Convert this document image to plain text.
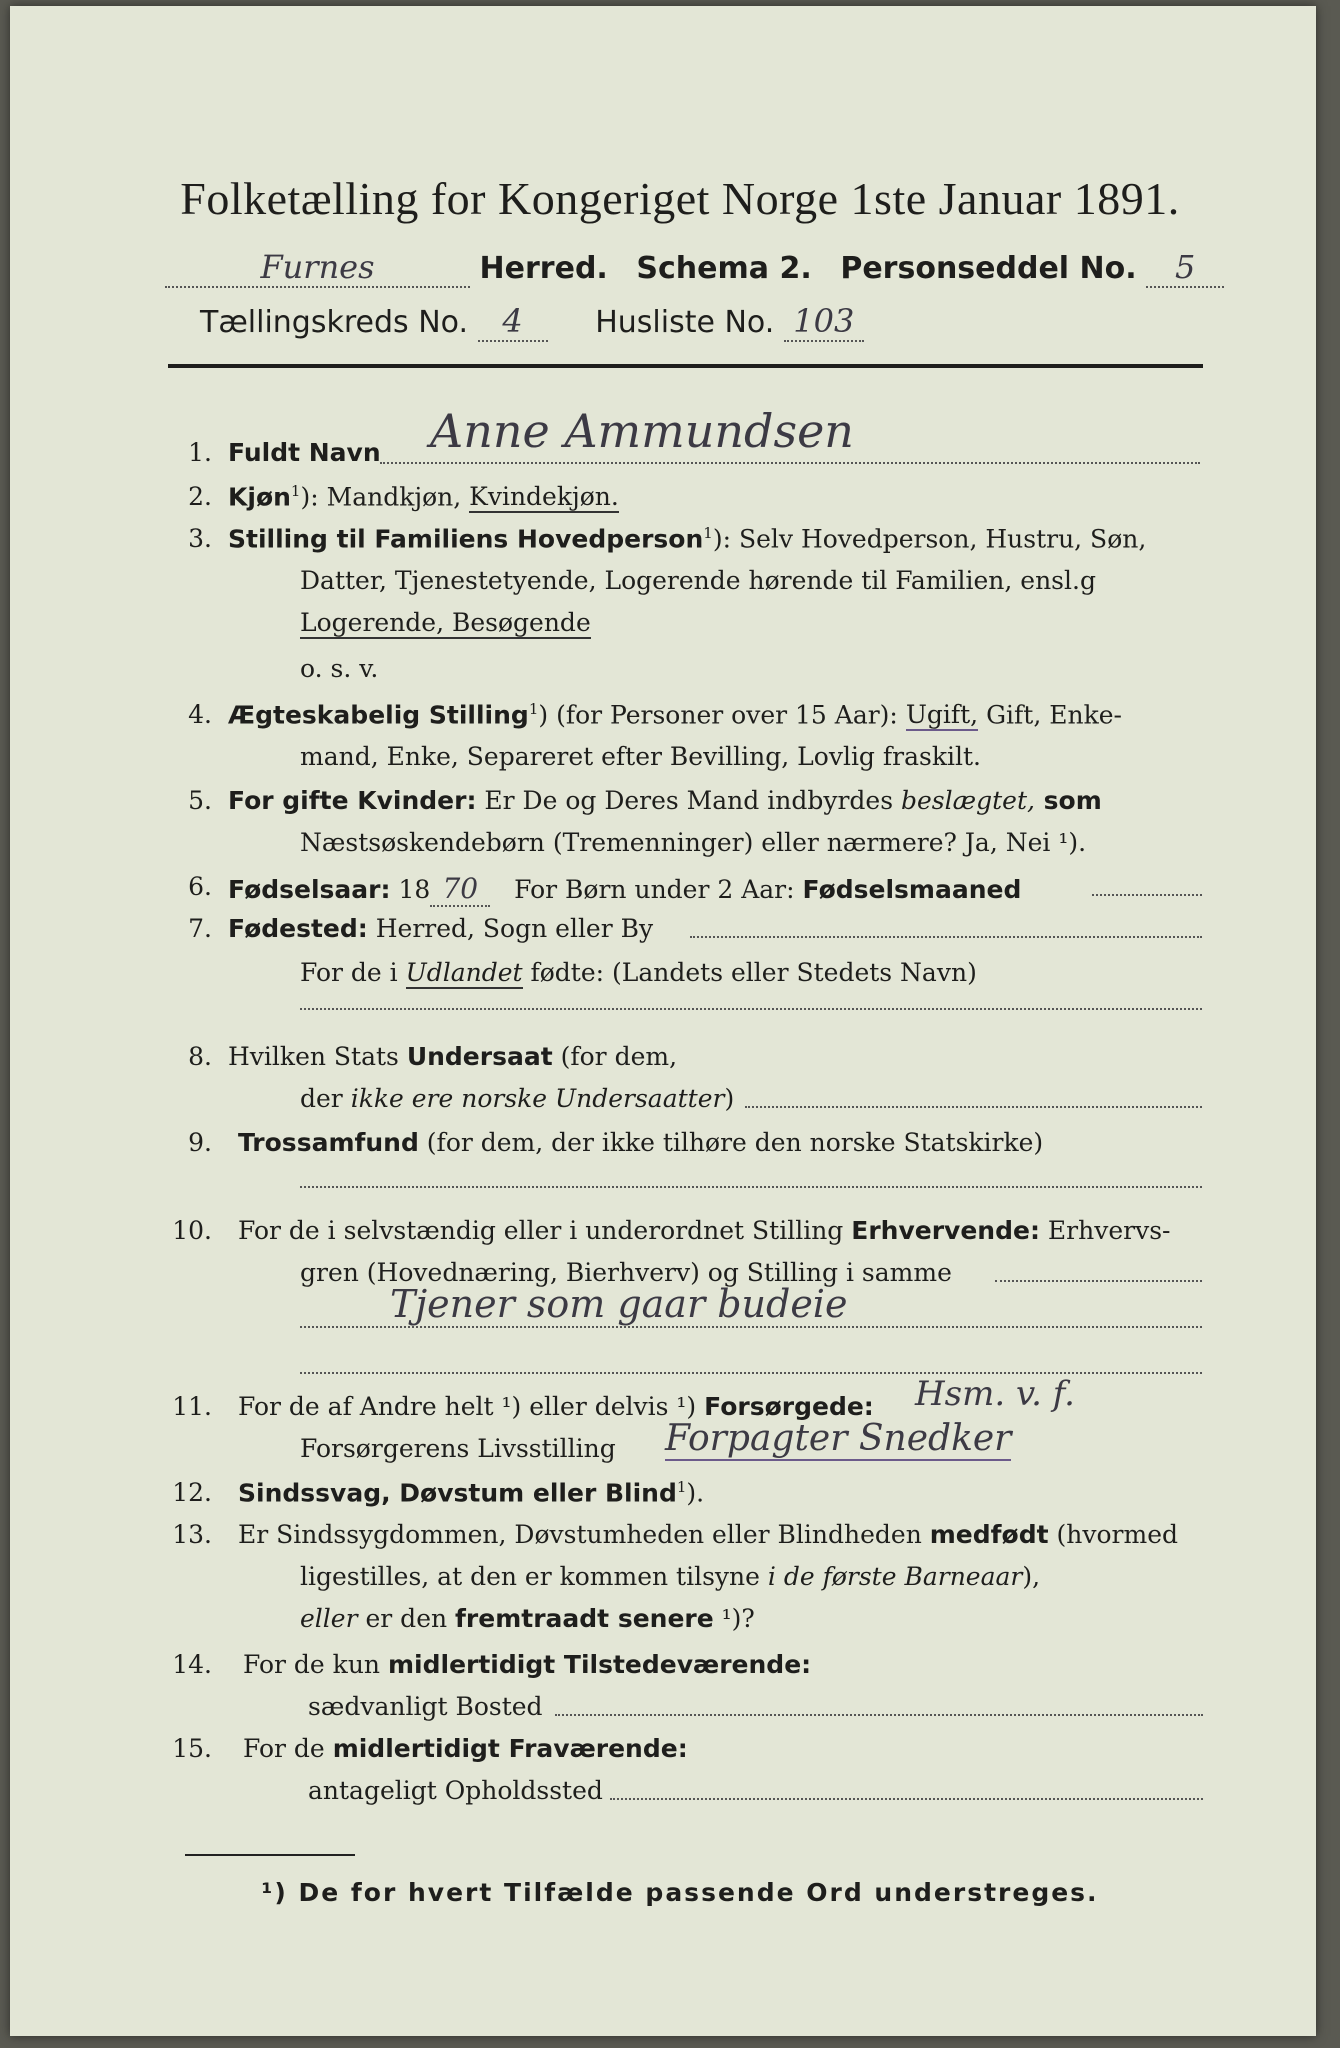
Folketælling for Kongeriget Norge 1ste Januar 1891.
Furnes	Herred. Schema 2. Personseddel No. 5
Tællingskreds No. 4 Husliste No. 103
1. Fuldt Navn Anne Ammundsen
2. Kjøn$^1$): Mandkjøn, Kvindekjøn.
3. Stilling til Familiens Hovedperson$^1$): Selv Hovedperson, Hustru, Søn,
Datter, Tjenestetyende, Logerende hørende til Familien, ensl.g
Logerende, Besøgende
o. s. v.
4. Ægteskabelig Stilling$^1$) (for Personer over 15 Aar): Ugift, Gift, Enke-
mand, Enke, Separeret efter Bevilling, Lovlig fraskilt.
5. For gifte Kvinder: Er De og Deres Mand indbyrdes beslægtet, som
Næstsøskendebørn (Tremenninger) eller nærmere? Ja, Nei ¹).
6. Fødselsaar: 18 70   For Børn under 2 Aar: Fødselsmaaned
7. Fødested: Herred, Sogn eller By
For de i Udlandet fødte: (Landets eller Stedets Navn)
8. Hvilken Stats Undersaat (for dem,
der ikke ere norske Undersaatter)
9. Trossamfund (for dem, der ikke tilhøre den norske Statskirke)
10. For de i selvstændig eller i underordnet Stilling Erhvervende: Erhvervs-
gren (Hovednæring, Bierhverv) og Stilling i samme
Tjener som gaar budeie
11. For de af Andre helt ¹) eller delvis ¹) Forsørgede: Hsm. v. f.
Forsørgerens Livsstilling Forpagter Snedker
12. Sindssvag, Døvstum eller Blind$^1$).
13. Er Sindssygdommen, Døvstumheden eller Blindheden medfødt (hvormed
ligestilles, at den er kommen tilsyne i de første Barneaar),
eller er den fremtraadt senere ¹)?
14. For de kun midlertidigt Tilstedeværende:
sædvanligt Bosted
15. For de midlertidigt Fraværende:
antageligt Opholdssted
¹) De for hvert Tilfælde passende Ord understreges.
